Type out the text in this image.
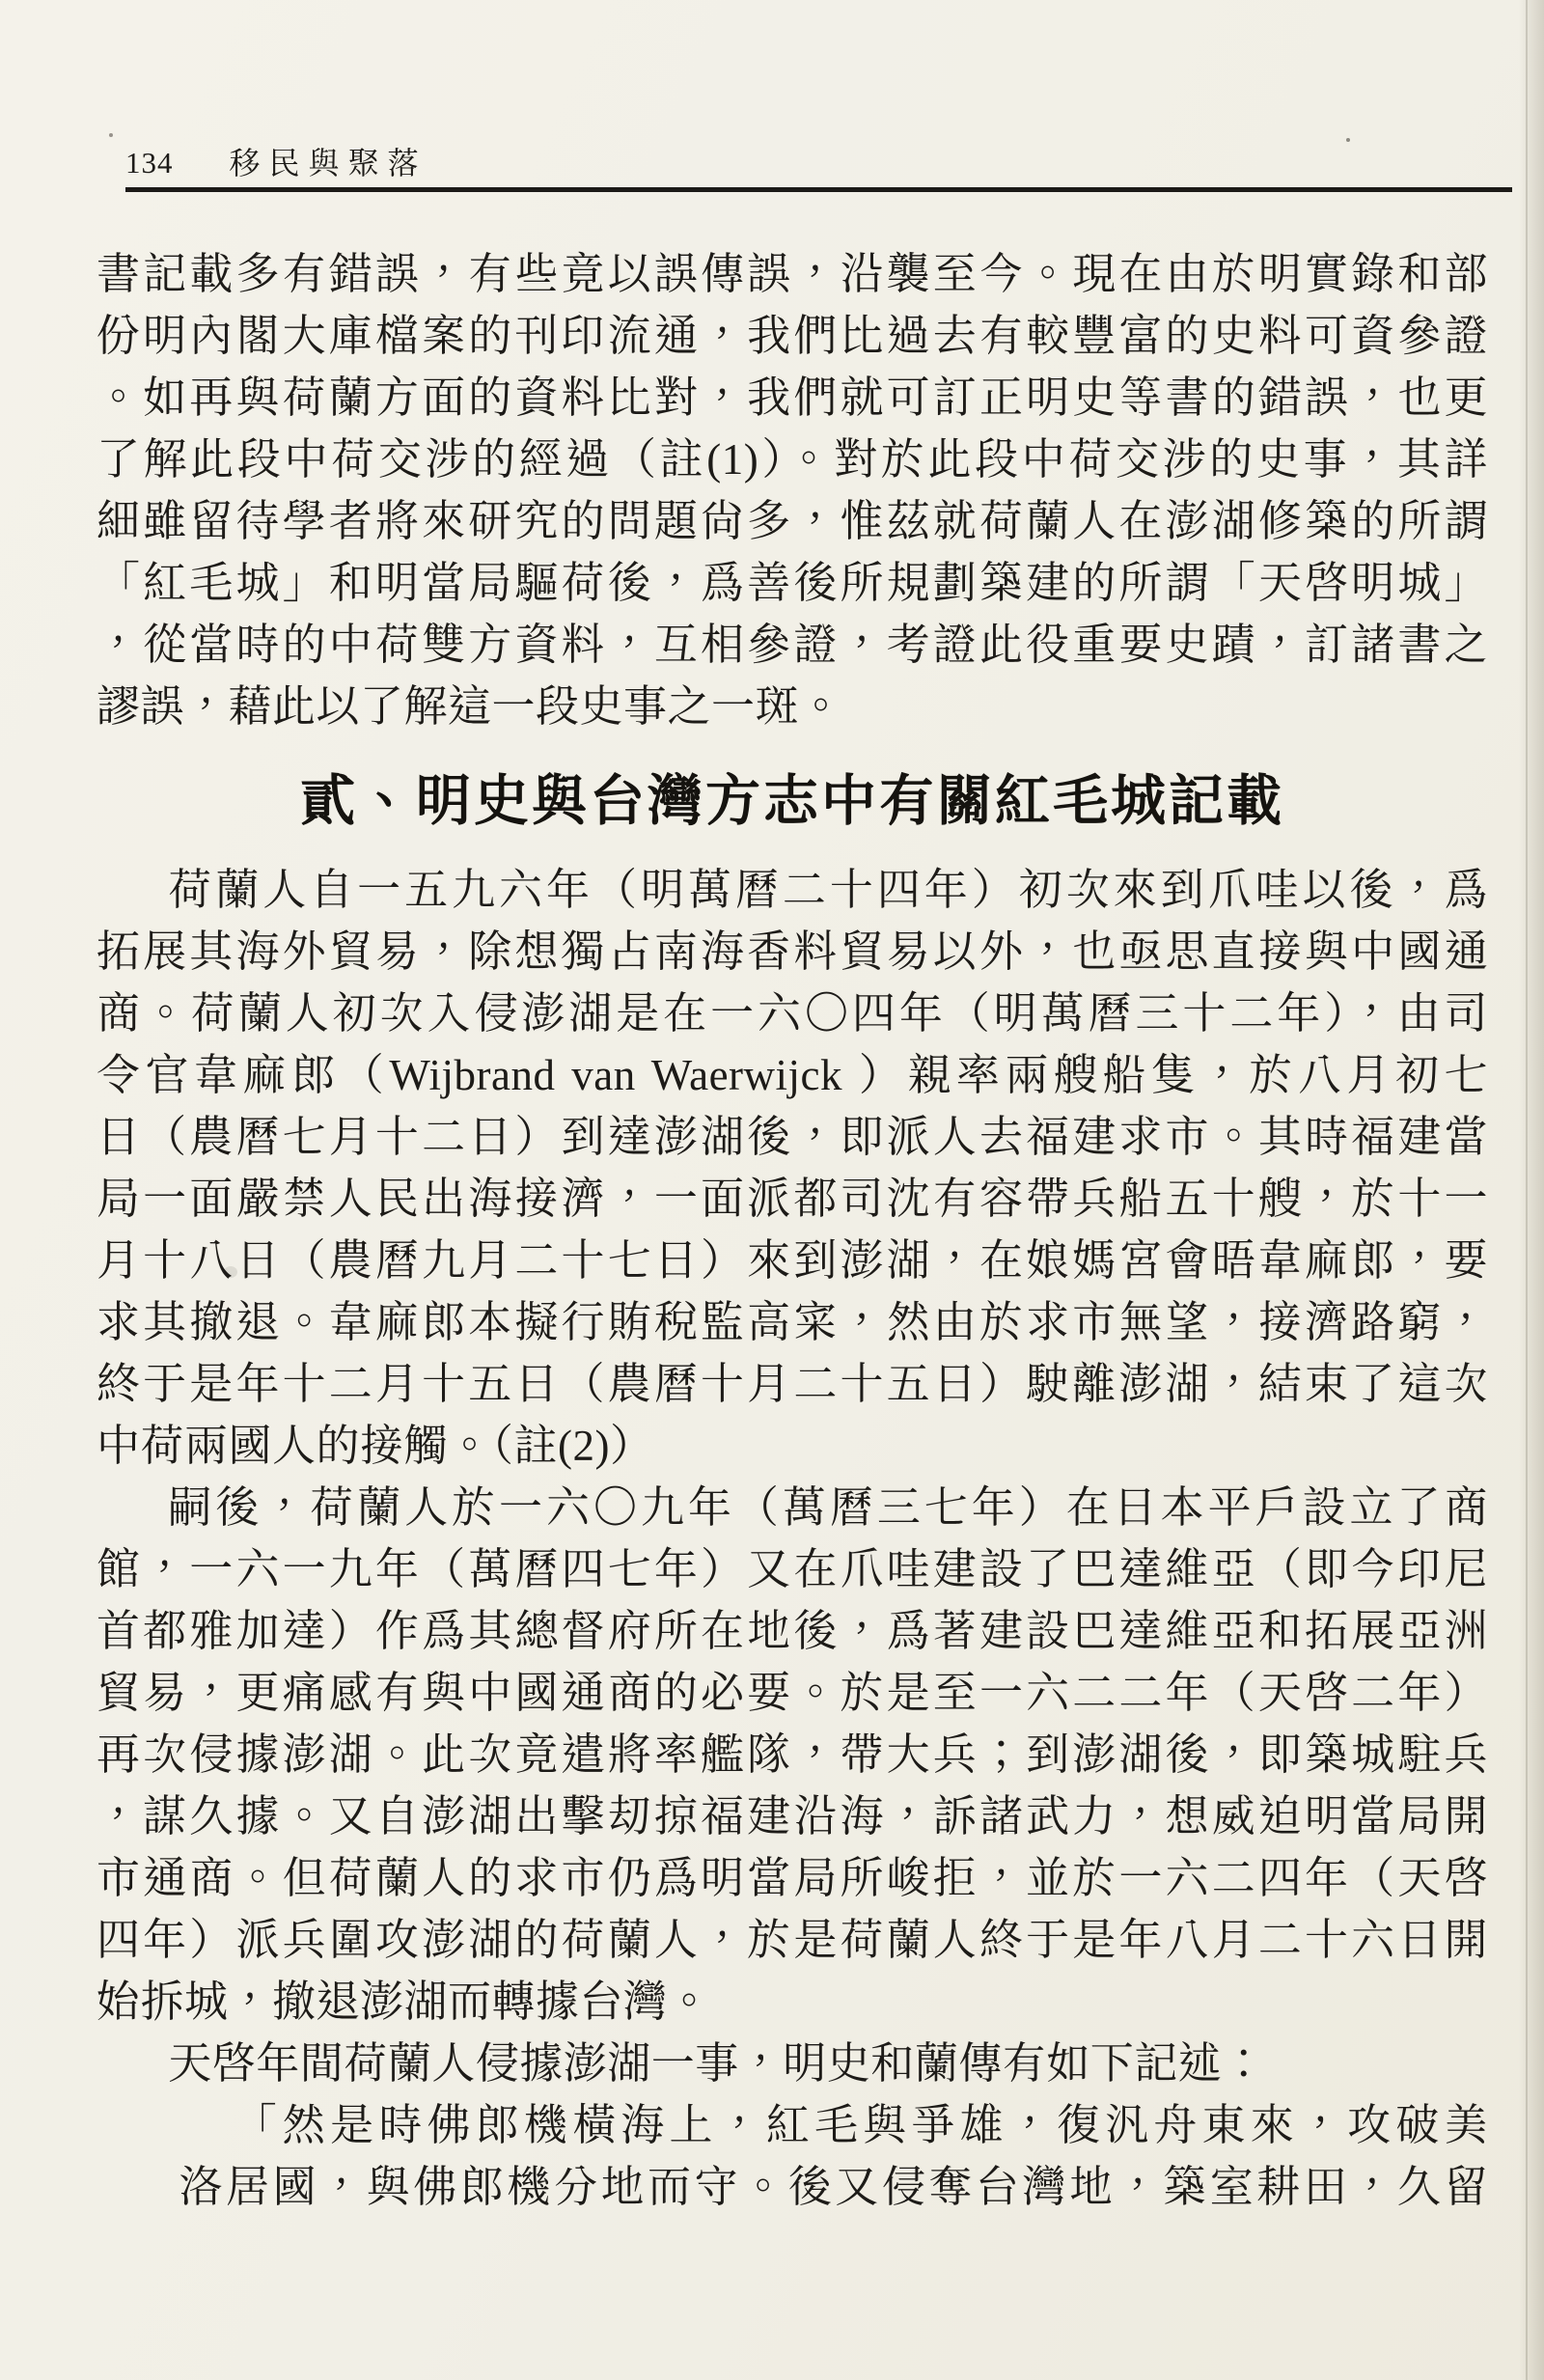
134 移民與聚落
書記載多有錯誤，有些竟以誤傳誤，沿襲至今。現在由於明實錄和部
份明內閣大庫檔案的刊印流通，我們比過去有較豐富的史料可資參證
。如再與荷蘭方面的資料比對，我們就可訂正明史等書的錯誤，也更
了解此段中荷交涉的經過（註(1)）。對於此段中荷交涉的史事，其詳
細雖留待學者將來研究的問題尙多，惟茲就荷蘭人在澎湖修築的所謂
「紅毛城」和明當局驅荷後，爲善後所規劃築建的所謂「天啓明城」
，從當時的中荷雙方資料，互相參證，考證此役重要史蹟，訂諸書之
謬誤，藉此以了解這一段史事之一斑。
貳、明史與台灣方志中有關紅毛城記載
荷蘭人自一五九六年（明萬曆二十四年）初次來到爪哇以後，爲
拓展其海外貿易，除想獨占南海香料貿易以外，也亟思直接與中國通
商。荷蘭人初次入侵澎湖是在一六〇四年（明萬曆三十二年），由司
令官韋麻郎（Wijbrand van Waerwijck ）親率兩艘船隻，於八月初七
日（農曆七月十二日）到達澎湖後，即派人去福建求市。其時福建當
局一面嚴禁人民出海接濟，一面派都司沈有容帶兵船五十艘，於十一
月十八日（農曆九月二十七日）來到澎湖，在娘媽宮會晤韋麻郎，要
求其撤退。韋麻郎本擬行賄稅監高寀，然由於求市無望，接濟路窮，
終于是年十二月十五日（農曆十月二十五日）駛離澎湖，結束了這次
中荷兩國人的接觸。（註(2)）
嗣後，荷蘭人於一六〇九年（萬曆三七年）在日本平戶設立了商
館，一六一九年（萬曆四七年）又在爪哇建設了巴達維亞（即今印尼
首都雅加達）作爲其總督府所在地後，爲著建設巴達維亞和拓展亞洲
貿易，更痛感有與中國通商的必要。於是至一六二二年（天啓二年）
再次侵據澎湖。此次竟遣將率艦隊，帶大兵；到澎湖後，即築城駐兵
，謀久據。又自澎湖出擊刧掠福建沿海，訴諸武力，想威迫明當局開
市通商。但荷蘭人的求市仍爲明當局所峻拒，並於一六二四年（天啓
四年）派兵圍攻澎湖的荷蘭人，於是荷蘭人終于是年八月二十六日開
始拆城，撤退澎湖而轉據台灣。
天啓年間荷蘭人侵據澎湖一事，明史和蘭傳有如下記述：
「然是時佛郎機橫海上，紅毛與爭雄，復汎舟東來，攻破美
洛居國，與佛郎機分地而守。後又侵奪台灣地，築室耕田，久留
